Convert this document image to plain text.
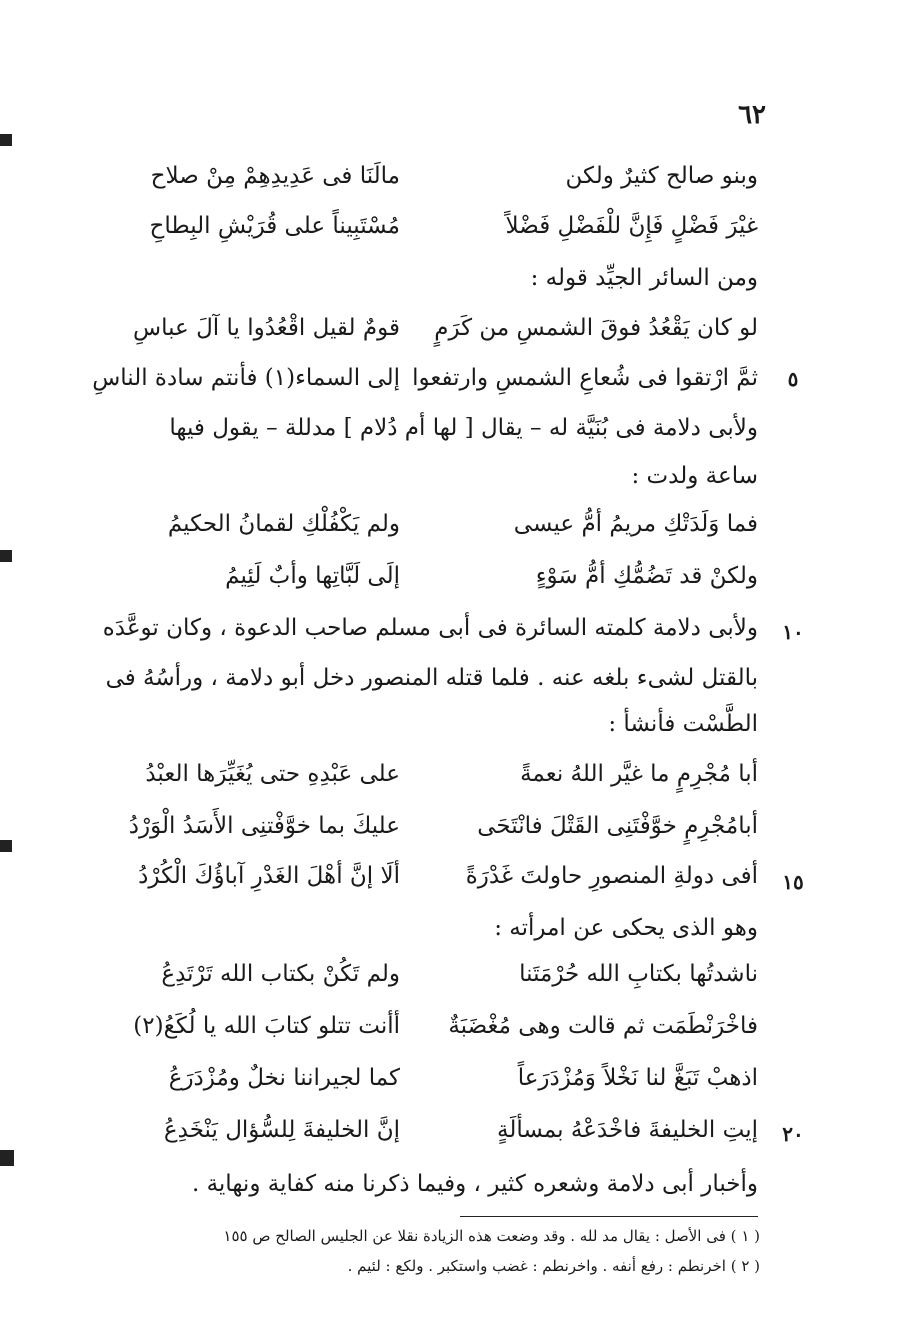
٦٢
وبنو صالح كثيرٌ ولكن
مالَنَا فى عَدِيدِهِمْ مِنْ صلاح
غيْرَ فَضْلٍ فَإِنَّ للْفَضْلِ فَضْلاً
مُسْتَبِيناً على قُرَيْشِ البِطاحِ
ومن السائر الجيِّد قوله :
لو كان يَقْعُدُ فوقَ الشمسِ من كَرَمٍ
قومٌ لقيل اقْعُدُوا يا آلَ عباسِ
ثمَّ ارْتقوا فى شُعاعِ الشمسِ وارتفعوا
إلى السماء(١) فأنتم سادة الناسِ	٥
ولأبى دلامة فى بُنَيَّة له – يقال [ لها أم دُلام ] مدللة – يقول فيها
ساعة ولدت :
فما وَلَدَتْكِ مريمُ أمُّ عيسى
ولم يَكْفُلْكِ لقمانُ الحكيمُ
ولكنْ قد تَضُمُّكِ أمُّ سَوْءٍ
إلَى لَبَّاتِها وأبٌ لَئِيمُ
ولأبى دلامة كلمته السائرة فى أبى مسلم صاحب الدعوة ، وكان توعَّدَه	١٠
بالقتل لشىء بلغه عنه . فلما قتله المنصور دخل أبو دلامة ، ورأسُهُ فى
الطَّسْت فأنشأ :
أبا مُجْرِمٍ ما غيَّر اللهُ نعمةً
على عَبْدِهِ حتى يُغَيِّرَها العبْدُ
أبامُجْرِمٍ خوَّفْتَنِى القَتْلَ فانْتَحَى
عليكَ بما خوَّفْتنِى الأَسَدُ الْوَرْدُ
أفى دولةِ المنصورِ حاولتَ غَدْرَةً
ألَا إنَّ أهْلَ الغَدْرِ آباؤُكَ الْكُرْدُ	١٥
وهو الذى يحكى عن امرأته :
ناشدتُها بكتابِ الله حُرْمَتَنا
ولم تَكُنْ بكتاب الله تَرْتَدِعُ
فاخْرَنْطَمَت ثم قالت وهى مُغْضَبَةٌ
أأنت تتلو كتابَ الله يا لُكَعُ(٢)
اذهبْ تَبَغَّ لنا نَخْلاً وَمُزْدَرَعاً
كما لجيراننا نخلٌ ومُزْدَرَعُ
إيتِ الخليفةَ فاخْدَعْهُ بمسألَةٍ
إنَّ الخليفةَ لِلسُّؤال يَنْخَدِعُ	٢٠
وأخبار أبى دلامة وشعره كثير ، وفيما ذكرنا منه كفاية ونهاية .
( ١ ) فى الأصل : يقال مد لله . وقد وضعت هذه الزيادة نقلا عن الجليس الصالح ص ١٥٥
( ٢ ) اخرنطم : رفع أنفه . واخرنطم : غضب واستكبر . ولكع : لئيم .
